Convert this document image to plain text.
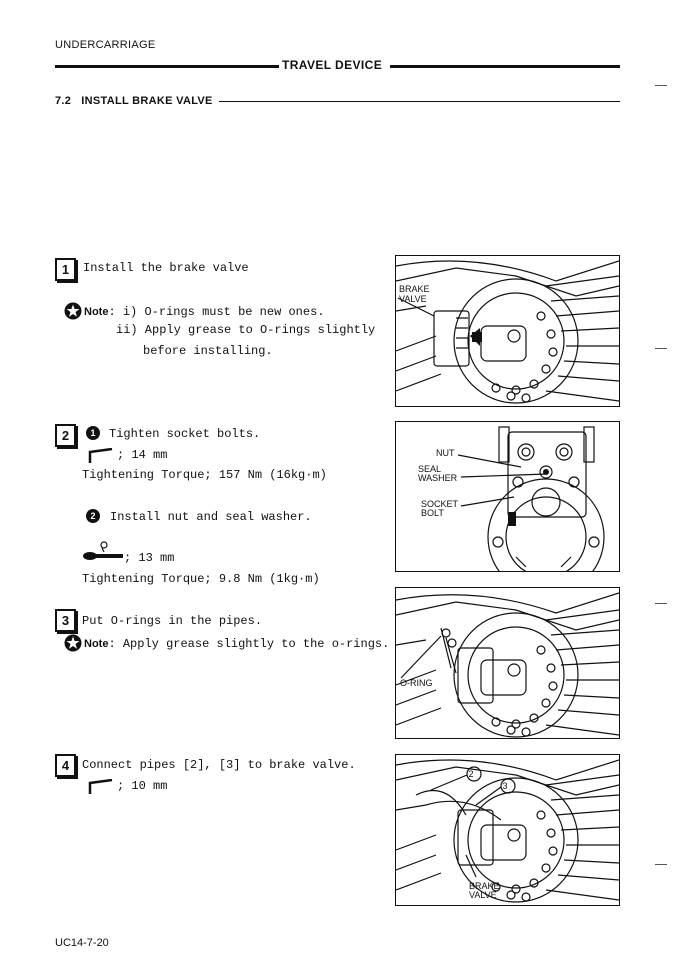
UNDERCARRIAGE
TRAVEL DEVICE
7.2 INSTALL BRAKE VALVE
1	Install the brake valve
Note: i) O-rings must be new ones.
ii) Apply grease to O-rings slightly
before installing.
BRAKE
VALVE
2	1	Tighten socket bolts.
; 14 mm
Tightening Torque; 157 Nm (16kg·m)
2	Install nut and seal washer.
; 13 mm
Tightening Torque; 9.8 Nm (1kg·m)
NUT
SEAL
WASHER
SOCKET
BOLT
3	Put O-rings in the pipes.
Note: Apply grease slightly to the o-rings.
O-RING
4	Connect pipes [2], [3] to brake valve.
; 10 mm
2
3
BRAKE
VALVE
UC14-7-20
